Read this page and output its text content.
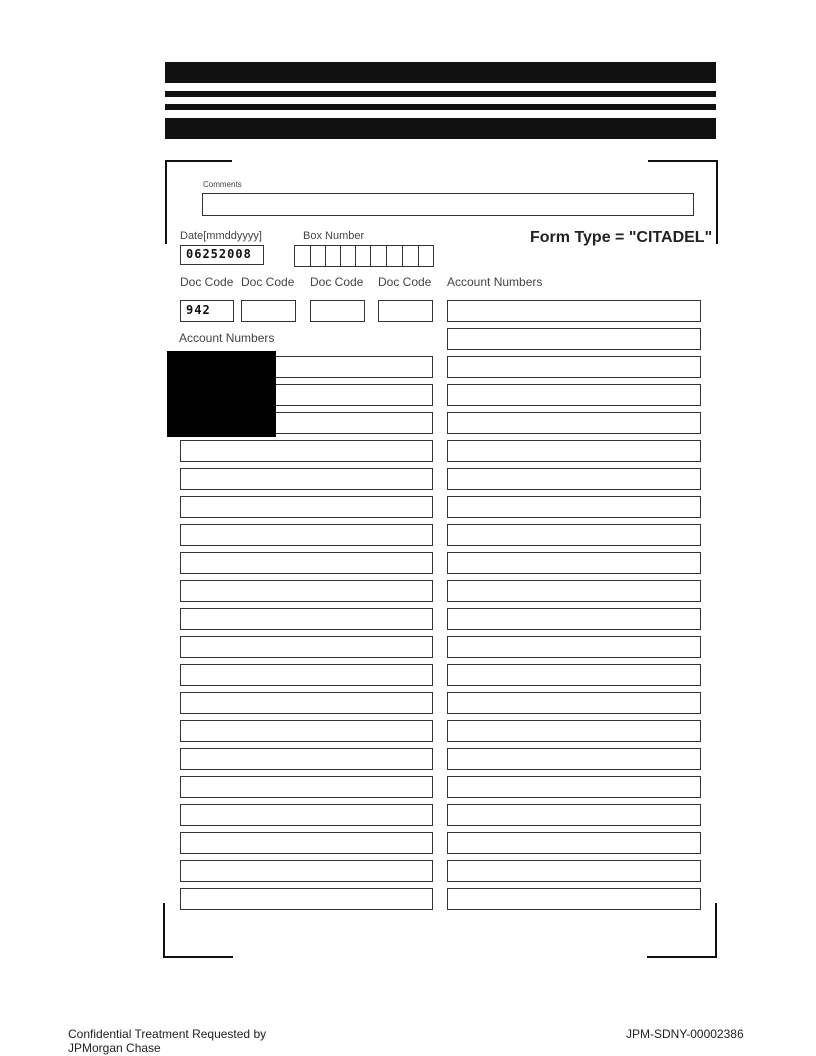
Comments
Date[mmddyyyy]
06252008
Box Number	Form Type = "CITADEL"
Doc Code Doc Code Doc Code Doc Code Account Numbers
942
Account Numbers
Confidential Treatment Requested by
JPMorgan Chase
JPM-SDNY-00002386
